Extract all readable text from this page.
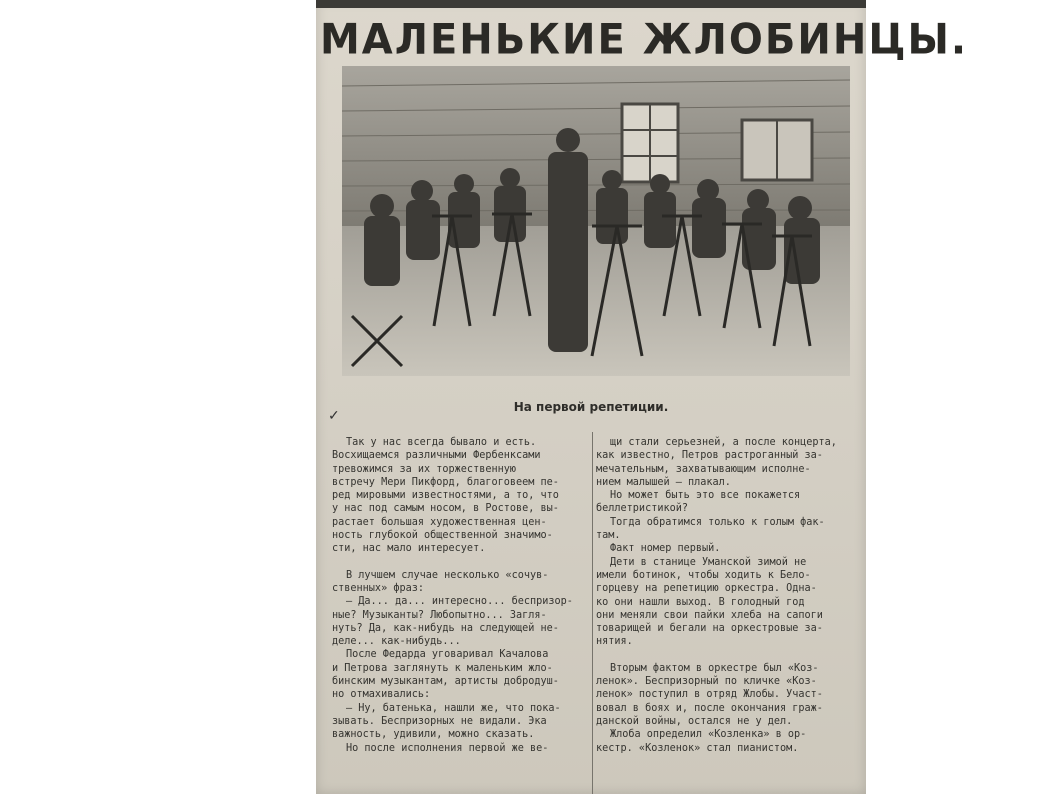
МАЛЕНЬКИЕ ЖЛОБИНЦЫ.
✓
На первой репетиции.

Так у нас всегда бывало и есть.
Восхищаемся различными Фербенксами
тревожимся за их торжественную
встречу Мери Пикфорд, благоговеем пе-
ред мировыми известностями, а то, что
у нас под самым носом, в Ростове, вы-
растает большая художественная цен-
ность глубокой общественной значимо-
сти, нас мало интересует.

В лучшем случае несколько «сочув-
ственных» фраз:

— Да... да... интересно... беспризор-
ные? Музыканты? Любопытно... Загля-
нуть? Да, как-нибудь на следующей не-
деле... как-нибудь...

После Федарда уговаривал Качалова
и Петрова заглянуть к маленьким жло-
бинским музыкантам, артисты добродуш-
но отмахивались:

— Ну, батенька, нашли же, что пока-
зывать. Беспризорных не видали. Эка
важность, удивили, можно сказать.

Но после исполнения первой же ве-

щи стали серьезней, а после концерта,
как известно, Петров растроганный за-
мечательным, захватывающим исполне-
нием малышей — плакал.

Но может быть это все покажется
беллетристикой?

Тогда обратимся только к голым фак-
там.

Факт номер первый.

Дети в станице Уманской зимой не
имели ботинок, чтобы ходить к Бело-
горцеву на репетицию оркестра. Одна-
ко они нашли выход. В голодный год
они меняли свои пайки хлеба на сапоги
товарищей и бегали на оркестровые за-
нятия.

Вторым фактом в оркестре был «Коз-
ленок». Беспризорный по кличке «Коз-
ленок» поступил в отряд Жлобы. Участ-
вовал в боях и, после окончания граж-
данской войны, остался не у дел.

Жлоба определил «Козленка» в ор-
кестр. «Козленок» стал пианистом.
